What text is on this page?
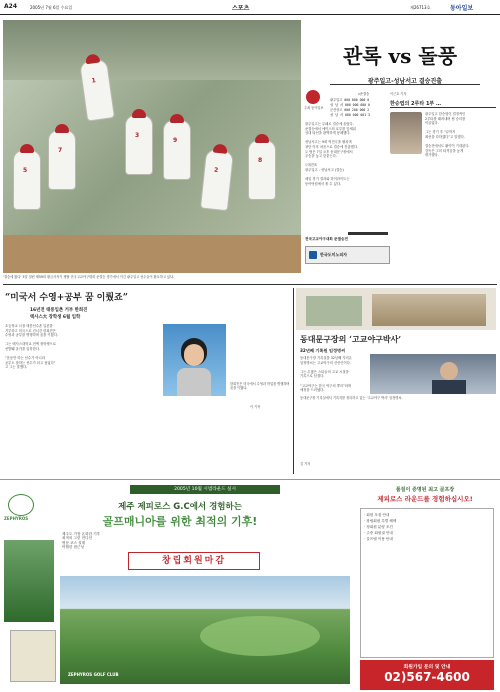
A24	2005년 7월 6일 수요일	스포츠	제26713호	동아일보
5
7
1
3
9
2
8
‘결승에 왔다’ 5일 열린 제59회 황금사자기 쟁탈 전국고교야구대회 준결승 경기에서 이긴 광주일고 선수들이 환호하고 있다.
관록 vs 돌풍
광주일고-성남서고 결승진출
주최 동아일보
▽준결승
광주일고 000 000 000 0
성 남 서 000 000 000 0
군산상고 000 200 000 2
성 남 서 000 000 001 3
광주일고는 무패로 결승에 올랐다.
준결승에서 에이스의 호투를 앞세워
상대 타선을 완벽하게 봉쇄했다.

성남서고는 9회 역전극을 펼치며
창단 이후 처음으로 결승에 진출했다.
두 팀은 7일 오후 동대문구장에서
우승을 놓고 맞붙는다.

▽대진표
광주일고 - 성남서고 (결승)

매일 경기 결과와 하이라이트는
동아닷컴에서 볼 수 있다.
전국고교야구대회 준결승전
한국도미노피자
이근호 기자
한승엽의 2루타 1부 …
광주일고 한승엽이 결정적인
2루타를 때려내며 팀 승리를
이끌었다.

그는 경기 후 “끝까지
최선을 다하겠다”고 말했다.

결승전에서도 활약이 기대된다.
감독은 그의 타격감을 높게
평가했다.
“미국서 수영+공부 꿈 이뤘죠”
16년전 태릉입촌 거부 한희진
텍사스大 장학생 6월 입학
초등학교 시절 태릉선수촌 입촌을
거부하고 미국으로 건너간 한희진은
수영과 공부를 병행하며 꿈을 키웠다.

그는 텍사스대학교 전액 장학생으로
선발돼 올가을 입학한다.

“운동만 하는 선수가 아니라
공부도 잘하는 선수가 되고 싶었다”
고 그는 말했다.
한희진은 미국에서 수영과 학업을 병행하며 꿈을 이뤘다.
이 기자
동대문구장의 ‘고교야구박사’
32년째 기록원 임정명씨
동대문구장 기록실을 32년째 지켜온
임정명씨는 고교야구의 산증인이다.

그는 수많은 스타들의 고교 시절을
기록으로 남겼다.

“고교야구는 한국 야구의 뿌리”라며
애정을 드러냈다.
동대문구장 기록실에서 기록지를 정리하고 있는 ‘고교야구 박사’ 임정명씨.
김 기자
ZEPHYROS
2005년 10월 시범라운드 실시
제주 제피로스 G.C에서 경험하는
골프매니아를 위한 최적의 기후!
제주도 가장 온화한 기후
최적의 그린 컨디션
명문 코스 설계
탁월한 접근성
창립회원마감
ZEPHYROS GOLF CLUB
품질이 증명된 최고 골프장
제피로스 라운드를 경험하십시오!
· 회원 모집 안내
· 창립회원 특별 혜택
· 정회원 분양 조건
· 주중 회원권 안내
· 골프텔 이용 안내
회원가입 문의 및 안내
02)567-4600
